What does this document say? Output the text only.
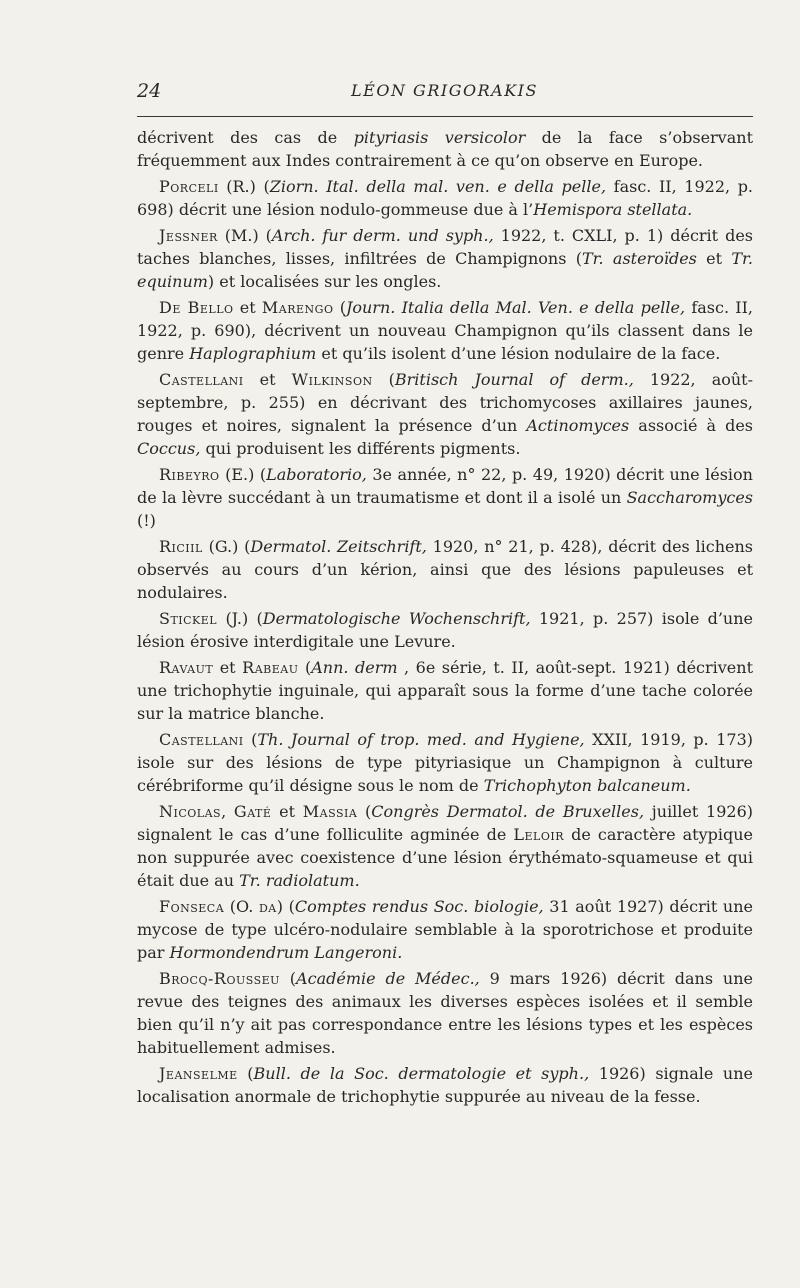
24	LÉON GRIGORAKIS

décrivent des cas de pityriasis versicolor de la face s’observant fréquemment aux Indes contrairement à ce qu’on observe en Europe.

Porceli (R.) (Ziorn. Ital. della mal. ven. e della pelle, fasc. II, 1922, p. 698) décrit une lésion nodulo-gommeuse due à l’Hemispora stellata.

Jessner (M.) (Arch. fur derm. und syph., 1922, t. CXLI, p. 1) décrit des taches blanches, lisses, infiltrées de Champignons (Tr. asteroïdes et Tr. equinum) et localisées sur les ongles.

De Bello et Marengo (Journ. Italia della Mal. Ven. e della pelle, fasc. II, 1922, p. 690), décrivent un nouveau Champignon qu’ils classent dans le genre Haplographium et qu’ils isolent d’une lésion nodulaire de la face.

Castellani et Wilkinson (Britisch Journal of derm., 1922, août-septembre, p. 255) en décrivant des trichomycoses axillaires jaunes, rouges et noires, signalent la présence d’un Actinomyces associé à des Coccus, qui produisent les différents pigments.

Ribeyro (E.) (Laboratorio, 3e année, n° 22, p. 49, 1920) décrit une lésion de la lèvre succédant à un traumatisme et dont il a isolé un Saccharomyces (!)

Riciil (G.) (Dermatol. Zeitschrift, 1920, n° 21, p. 428), décrit des lichens observés au cours d’un kérion, ainsi que des lésions papuleuses et nodulaires.

Stickel (J.) (Dermatologische Wochenschrift, 1921, p. 257) isole d’une lésion érosive interdigitale une Levure.

Ravaut et Rabeau (Ann. derm , 6e série, t. II, août-sept. 1921) décrivent une trichophytie inguinale, qui apparaît sous la forme d’une tache colorée sur la matrice blanche.

Castellani (Th. Journal of trop. med. and Hygiene, XXII, 1919, p. 173) isole sur des lésions de type pityriasique un Champignon à culture cérébriforme qu’il désigne sous le nom de Trichophyton balcaneum.

Nicolas, Gaté et Massia (Congrès Dermatol. de Bruxelles, juillet 1926) signalent le cas d’une folliculite agminée de Leloir de caractère atypique non suppurée avec coexistence d’une lésion érythémato-squameuse et qui était due au Tr. radiolatum.

Fonseca (O. da) (Comptes rendus Soc. biologie, 31 août 1927) décrit une mycose de type ulcéro-nodulaire semblable à la sporotrichose et produite par Hormondendrum Langeroni.

Brocq-Rousseu (Académie de Médec., 9 mars 1926) décrit dans une revue des teignes des animaux les diverses espèces isolées et il semble bien qu’il n’y ait pas correspondance entre les lésions types et les espèces habituellement admises.

Jeanselme (Bull. de la Soc. dermatologie et syph., 1926) signale une localisation anormale de trichophytie suppurée au niveau de la fesse.
